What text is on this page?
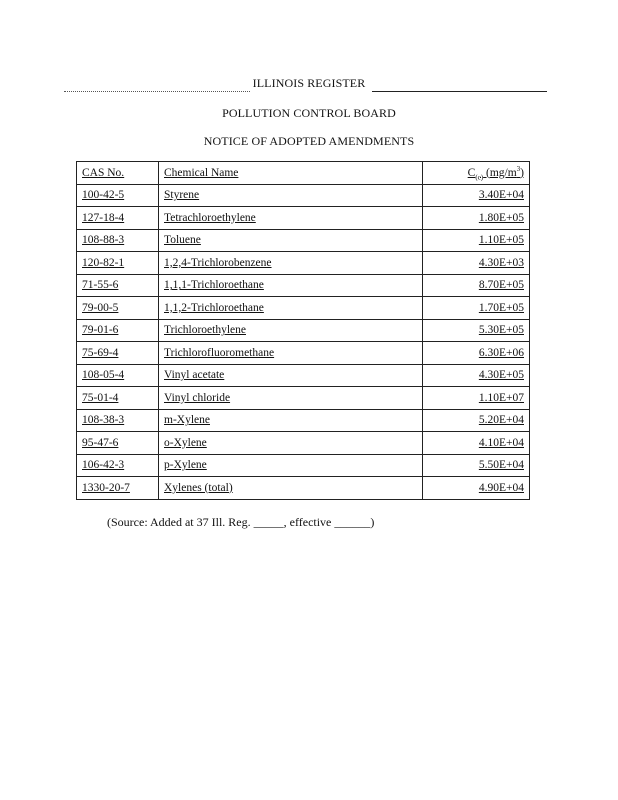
ILLINOIS REGISTER
POLLUTION CONTROL BOARD
NOTICE OF ADOPTED AMENDMENTS
CAS No.	Chemical Name	$C_{(c)}$ $(mg/m^3)$
100-42-5	Styrene	3.40E+04
127-18-4	Tetrachloroethylene	1.80E+05
108-88-3	Toluene	1.10E+05
120-82-1	1,2,4-Trichlorobenzene	4.30E+03
71-55-6	1,1,1-Trichloroethane	8.70E+05
79-00-5	1,1,2-Trichloroethane	1.70E+05
79-01-6	Trichloroethylene	5.30E+05
75-69-4	Trichlorofluoromethane	6.30E+06
108-05-4	Vinyl acetate	4.30E+05
75-01-4	Vinyl chloride	1.10E+07
108-38-3	m-Xylene	5.20E+04
95-47-6	o-Xylene	4.10E+04
106-42-3	p-Xylene	5.50E+04
1330-20-7	Xylenes (total)	4.90E+04
(Source: Added at 37 Ill. Reg. _____, effective ______)
